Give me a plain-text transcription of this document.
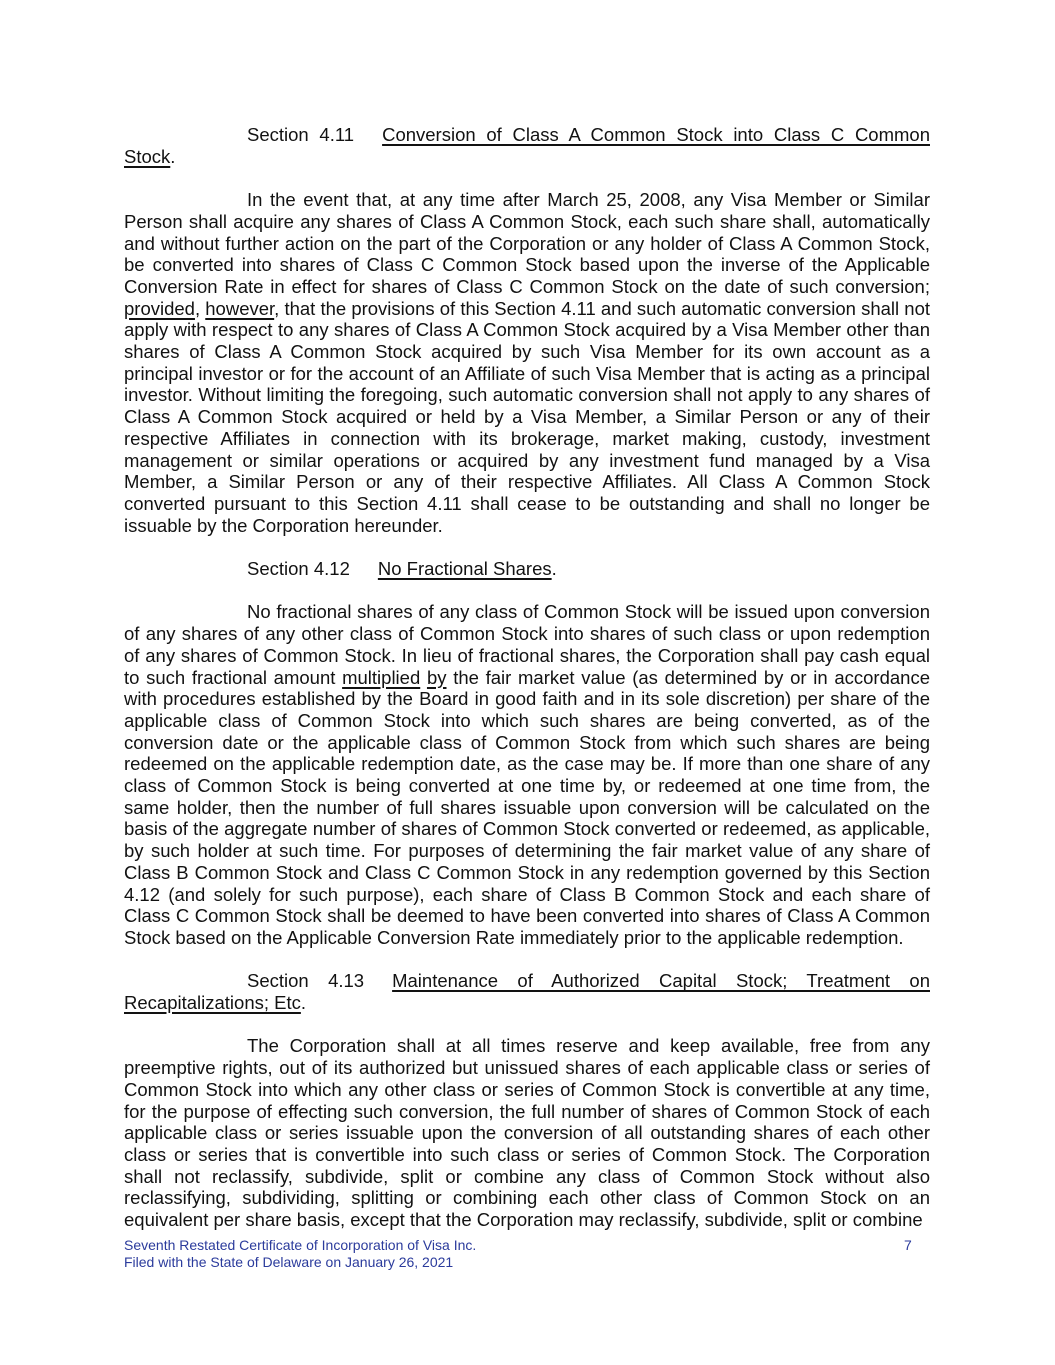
Section 4.11 Conversion of Class A Common Stock into Class C Common Stock.

In the event that, at any time after March 25, 2008, any Visa Member or Similar Person shall acquire any shares of Class A Common Stock, each such share shall, automatically and without further action on the part of the Corporation or any holder of Class A Common Stock, be converted into shares of Class C Common Stock based upon the inverse of the Applicable Conversion Rate in effect for shares of Class C Common Stock on the date of such conversion; provided, however, that the provisions of this Section 4.11 and such automatic conversion shall not apply with respect to any shares of Class A Common Stock acquired by a Visa Member other than shares of Class A Common Stock acquired by such Visa Member for its own account as a principal investor or for the account of an Affiliate of such Visa Member that is acting as a principal investor. Without limiting the foregoing, such automatic conversion shall not apply to any shares of Class A Common Stock acquired or held by a Visa Member, a Similar Person or any of their respective Affiliates in connection with its brokerage, market making, custody, investment management or similar operations or acquired by any investment fund managed by a Visa Member, a Similar Person or any of their respective Affiliates. All Class A Common Stock converted pursuant to this Section 4.11 shall cease to be outstanding and shall no longer be issuable by the Corporation hereunder.

Section 4.12 No Fractional Shares.

No fractional shares of any class of Common Stock will be issued upon conversion of any shares of any other class of Common Stock into shares of such class or upon redemption of any shares of Common Stock. In lieu of fractional shares, the Corporation shall pay cash equal to such fractional amount multiplied by the fair market value (as determined by or in accordance with procedures established by the Board in good faith and in its sole discretion) per share of the applicable class of Common Stock into which such shares are being converted, as of the conversion date or the applicable class of Common Stock from which such shares are being redeemed on the applicable redemption date, as the case may be. If more than one share of any class of Common Stock is being converted at one time by, or redeemed at one time from, the same holder, then the number of full shares issuable upon conversion will be calculated on the basis of the aggregate number of shares of Common Stock converted or redeemed, as applicable, by such holder at such time. For purposes of determining the fair market value of any share of Class B Common Stock and Class C Common Stock in any redemption governed by this Section 4.12 (and solely for such purpose), each share of Class B Common Stock and each share of Class C Common Stock shall be deemed to have been converted into shares of Class A Common Stock based on the Applicable Conversion Rate immediately prior to the applicable redemption.

Section 4.13 Maintenance of Authorized Capital Stock; Treatment on Recapitalizations; Etc.

The Corporation shall at all times reserve and keep available, free from any preemptive rights, out of its authorized but unissued shares of each applicable class or series of Common Stock into which any other class or series of Common Stock is convertible at any time, for the purpose of effecting such conversion, the full number of shares of Common Stock of each applicable class or series issuable upon the conversion of all outstanding shares of each other class or series that is convertible into such class or series of Common Stock. The Corporation shall not reclassify, subdivide, split or combine any class of Common Stock without also reclassifying, subdividing, splitting or combining each other class of Common Stock on an equivalent per share basis, except that the Corporation may reclassify, subdivide, split or combine

Seventh Restated Certificate of Incorporation of Visa Inc.
Filed with the State of Delaware on January 26, 2021
7
